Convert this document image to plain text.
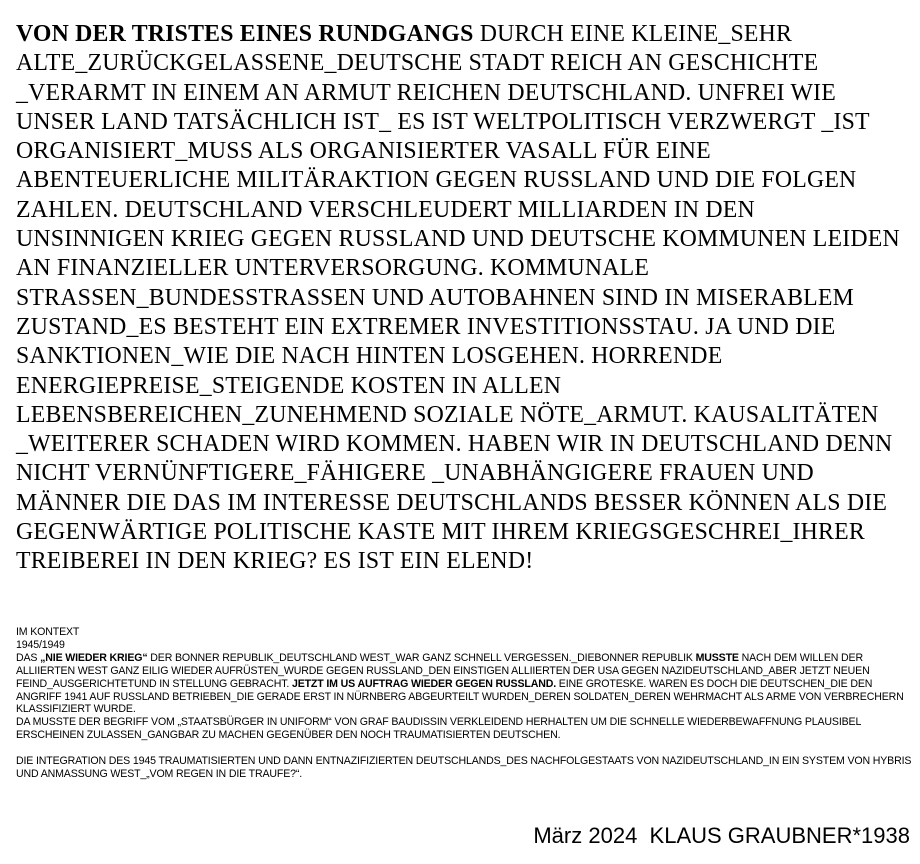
VON DER TRISTES EINES RUNDGANGS DURCH EINE KLEINE_SEHR ALTE_ZURÜCKGELASSENE_DEUTSCHE STADT REICH AN GESCHICHTE _VERARMT IN EINEM AN ARMUT REICHEN DEUTSCHLAND. UNFREI WIE UNSER LAND TATSÄCHLICH IST_ ES IST WELTPOLITISCH VERZWERGT _IST ORGANISIERT_MUSS ALS ORGANISIERTER VASALL FÜR EINE ABENTEUERLICHE MILITÄRAKTION GEGEN RUSSLAND UND DIE FOLGEN ZAHLEN. DEUTSCHLAND VERSCHLEUDERT MILLIARDEN IN DEN UNSINNIGEN KRIEG GEGEN RUSSLAND UND DEUTSCHE KOMMUNEN LEIDEN AN FINANZIELLER UNTERVERSORGUNG. KOMMUNALE STRASSEN_BUNDESSTRASSEN UND AUTOBAHNEN SIND IN MISERABLEM ZUSTAND_ES BESTEHT EIN EXTREMER INVESTITIONSSTAU. JA UND DIE SANKTIONEN_WIE DIE NACH HINTEN LOSGEHEN. HORRENDE ENERGIEPREISE_STEIGENDE KOSTEN IN ALLEN LEBENSBEREICHEN_ZUNEHMEND SOZIALE NÖTE_ARMUT. KAUSALITÄTEN _WEITERER SCHADEN WIRD KOMMEN. HABEN WIR IN DEUTSCHLAND DENN NICHT VERNÜNFTIGERE_FÄHIGERE _UNABHÄNGIGERE FRAUEN UND MÄNNER DIE DAS IM INTERESSE DEUTSCHLANDS BESSER KÖNNEN ALS DIE GEGENWÄRTIGE POLITISCHE KASTE MIT IHREM KRIEGSGESCHREI_IHRER TREIBEREI IN DEN KRIEG? ES IST EIN ELEND!

IM KONTEXT

1945/1949

DAS „NIE WIEDER KRIEG“ DER BONNER REPUBLIK_DEUTSCHLAND WEST_WAR GANZ SCHNELL VERGESSEN._DIEBONNER REPUBLIK MUSSTE NACH DEM WILLEN DER ALLIIERTEN WEST GANZ EILIG WIEDER AUFRÜSTEN_WURDE GEGEN RUSSLAND_DEN EINSTIGEN ALLIIERTEN DER USA GEGEN NAZIDEUTSCHLAND_ABER JETZT NEUEN FEIND_AUSGERICHTETUND IN STELLUNG GEBRACHT. JETZT IM US AUFTRAG WIEDER GEGEN RUSSLAND. EINE GROTESKE. WAREN ES DOCH DIE DEUTSCHEN_DIE DEN ANGRIFF 1941 AUF RUSSLAND BETRIEBEN_DIE GERADE ERST IN NÜRNBERG ABGEURTEILT WURDEN_DEREN SOLDATEN_DEREN WEHRMACHT ALS ARME VON VERBRECHERN KLASSIFIZIERT WURDE.

DA MUSSTE DER BEGRIFF VOM „STAATSBÜRGER IN UNIFORM“ VON GRAF BAUDISSIN VERKLEIDEND HERHALTEN UM DIE SCHNELLE WIEDERBEWAFFNUNG PLAUSIBEL ERSCHEINEN ZULASSEN_GANGBAR ZU MACHEN GEGENÜBER DEN NOCH TRAUMATISIERTEN DEUTSCHEN.

DIE INTEGRATION DES 1945 TRAUMATISIERTEN UND DANN ENTNAZIFIZIERTEN DEUTSCHLANDS_DES NACHFOLGESTAATS VON NAZIDEUTSCHLAND_IN EIN SYSTEM VON HYBRIS UND ANMASSUNG WEST_„VOM REGEN IN DIE TRAUFE?“.

März 2024 KLAUS GRAUBNER*1938
